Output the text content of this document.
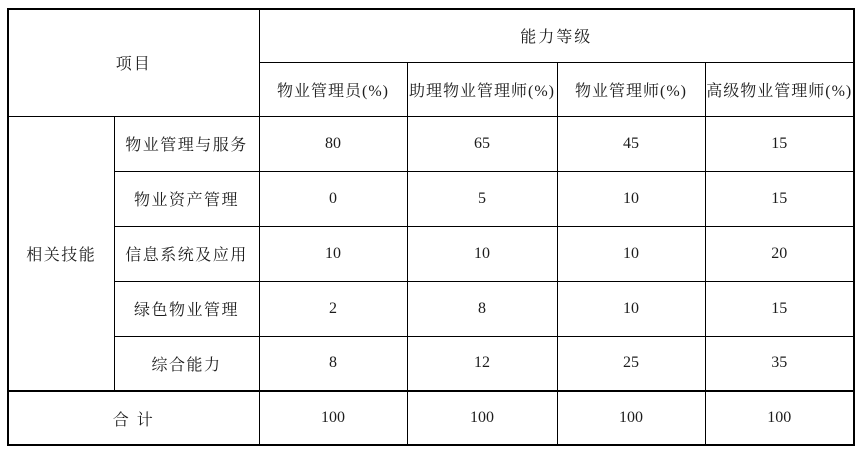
项目		能力等级			
		物业管理员(%)	助理物业管理师(%)	物业管理师(%)	高级物业管理师(%)
相关技能	物业管理与服务	80	65	45	15
	物业资产管理	0	5	10	15
	信息系统及应用	10	10	10	20
	绿色物业管理	2	8	10	15
	综合能力	8	12	25	35
合 计		100	100	100	100
